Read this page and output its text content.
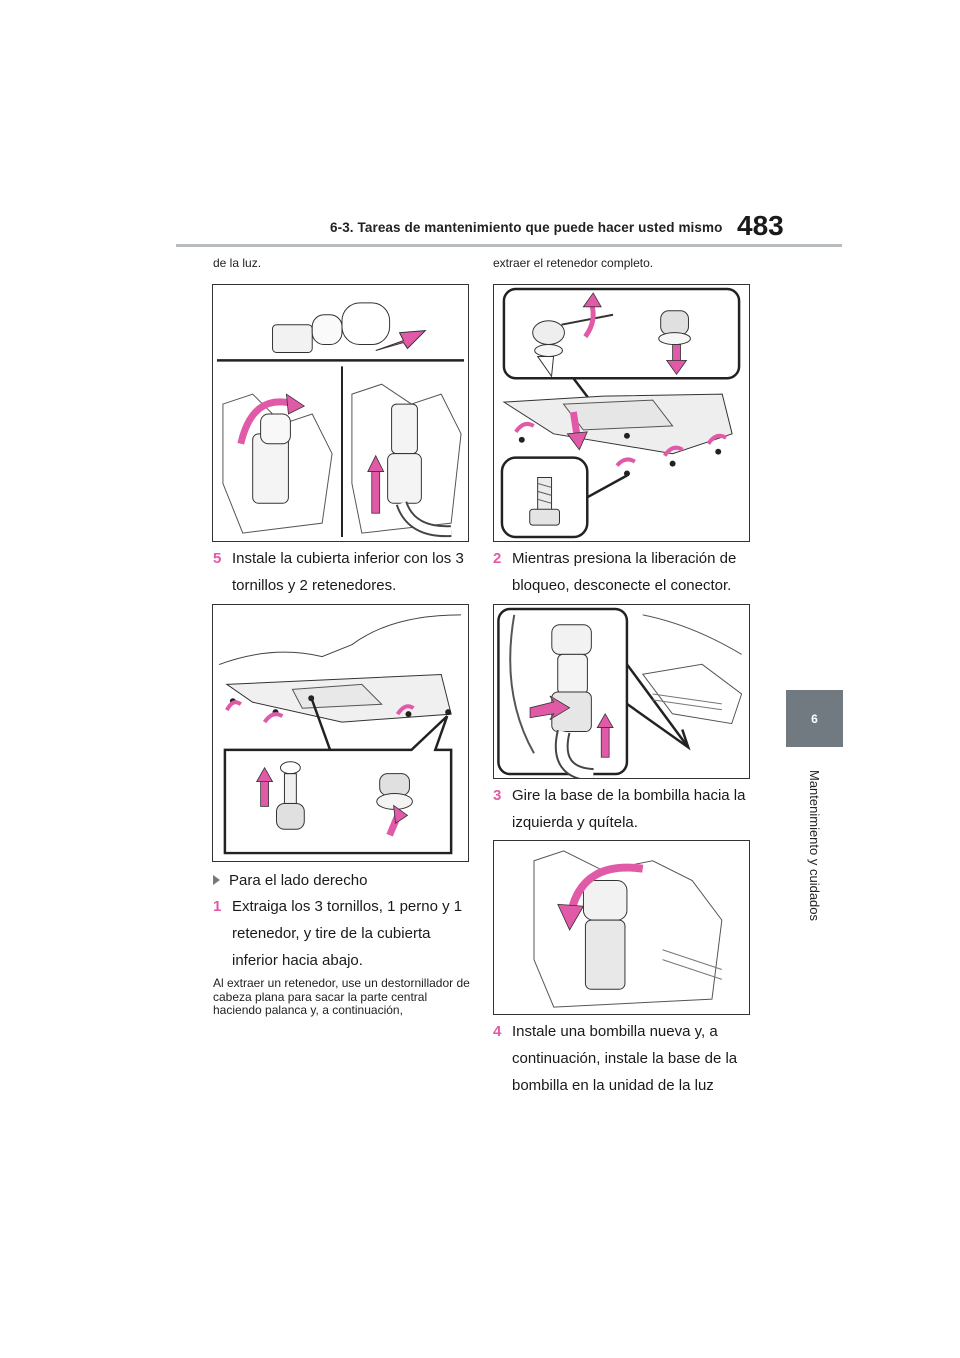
6-3. Tareas de mantenimiento que puede hacer usted mismo 483
6
Mantenimiento y cuidados
de la luz.
5 Instale la cubierta inferior con los 3 tornillos y 2 retenedores.
Para el lado derecho
1 Extraiga los 3 tornillos, 1 perno y 1 retenedor, y tire de la cubierta inferior hacia abajo.
Al extraer un retenedor, use un destornillador de cabeza plana para sacar la parte central haciendo palanca y, a continuación,
extraer el retenedor completo.
2 Mientras presiona la liberación de bloqueo, desconecte el conector.
3 Gire la base de la bombilla hacia la izquierda y quítela.
4 Instale una bombilla nueva y, a continuación, instale la base de la bombilla en la unidad de la luz
